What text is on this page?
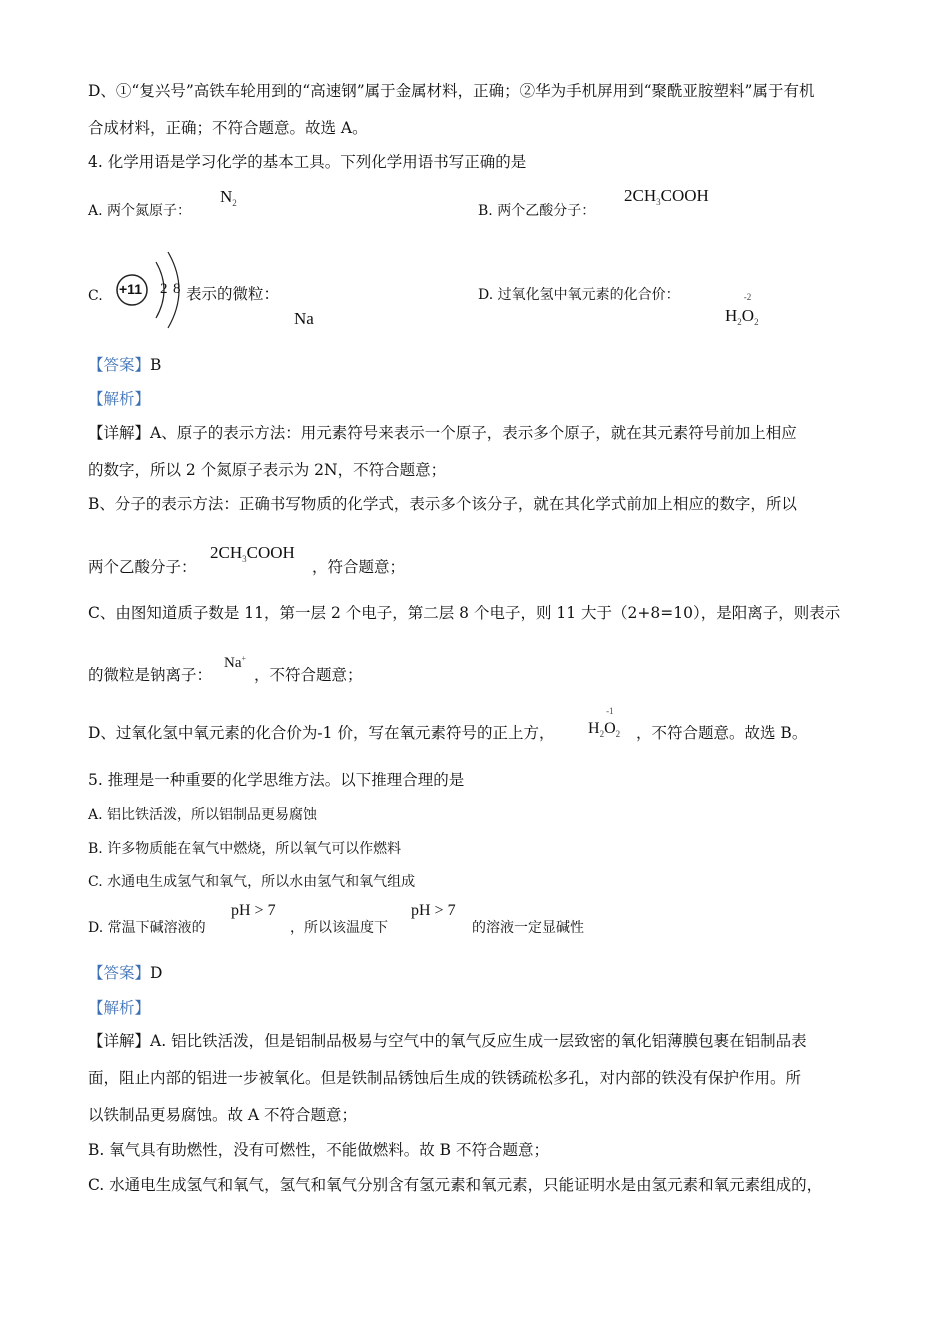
D、①“复兴号”高铁车轮用到的“高速钢”属于金属材料，正确；②华为手机屏用到“聚酰亚胺塑料”属于有机
合成材料，正确；不符合题意。故选 A。
4. 化学用语是学习化学的基本工具。下列化学用语书写正确的是
A. 两个氮原子：
$N_2$	B. 两个乙酸分子：
$2CH_3COOH$
C. +11 2 8 表示的微粒：
Na
D. 过氧化氢中氧元素的化合价：
$H_2$
-2
$O_2$
【答案】B
【解析】
【详解】A、原子的表示方法：用元素符号来表示一个原子，表示多个原子，就在其元素符号前加上相应
的数字，所以 2 个氮原子表示为 2N，不符合题意；
B、分子的表示方法：正确书写物质的化学式，表示多个该分子，就在其化学式前加上相应的数字，所以
两个乙酸分子：
$2CH_3COOH$
，符合题意；
C、由图知道质子数是 11，第一层 2 个电子，第二层 8 个电子，则 11 大于（2+8=10），是阳离子，则表示
的微粒是钠离子：
Na+
，不符合题意；
D、过氧化氢中氧元素的化合价为-1 价，写在氧元素符号的正上方， $H_2$
-1
$O_2$ ，不符合题意。故选 B。
5. 推理是一种重要的化学思维方法。以下推理合理的是
A. 铝比铁活泼，所以铝制品更易腐蚀
B. 许多物质能在氧气中燃烧，所以氧气可以作燃料
C. 水通电生成氢气和氧气，所以水由氢气和氧气组成
D. 常温下碱溶液的
pH > 7
，所以该温度下
pH > 7
的溶液一定显碱性
【答案】D
【解析】
【详解】A. 铝比铁活泼，但是铝制品极易与空气中的氧气反应生成一层致密的氧化铝薄膜包裹在铝制品表
面，阻止内部的铝进一步被氧化。但是铁制品锈蚀后生成的铁锈疏松多孔，对内部的铁没有保护作用。所
以铁制品更易腐蚀。故 A 不符合题意；
B. 氧气具有助燃性，没有可燃性，不能做燃料。故 B 不符合题意；
C. 水通电生成氢气和氧气，氢气和氧气分别含有氢元素和氧元素，只能证明水是由氢元素和氧元素组成的，
